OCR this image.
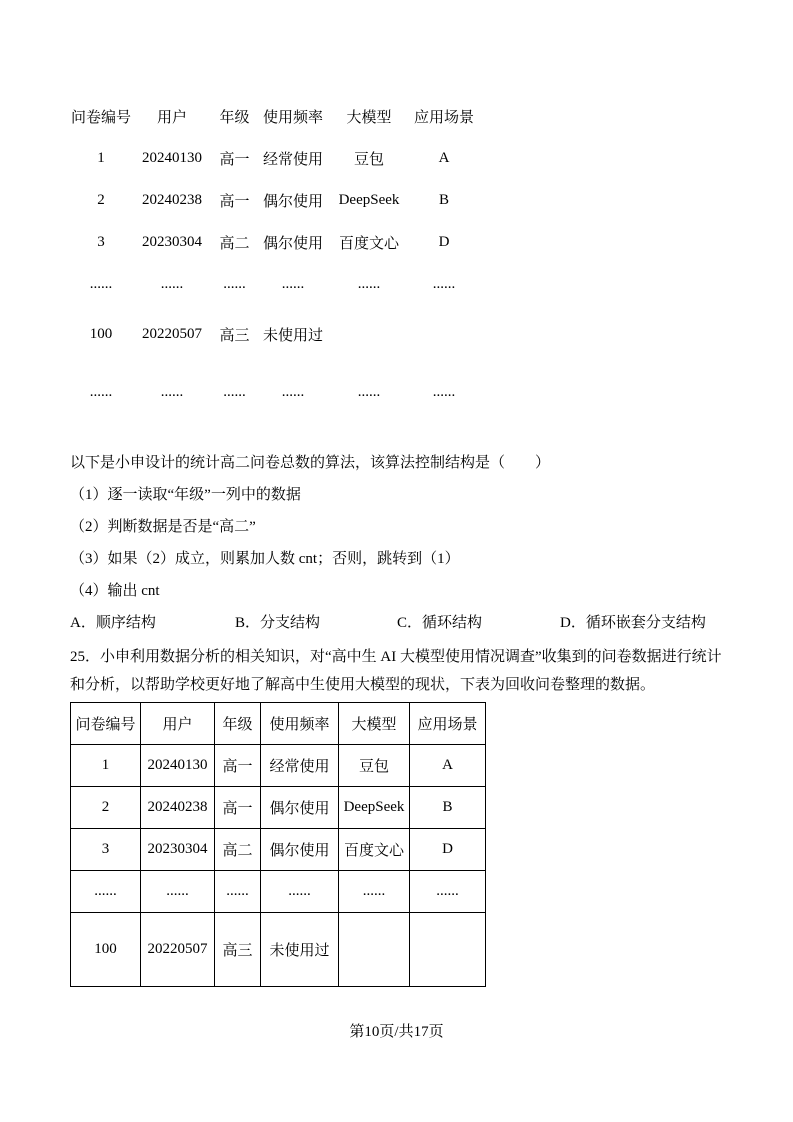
问卷编号	用户	年级	使用频率	大模型	应用场景
1	20240130	高一	经常使用	豆包	A
2	20240238	高一	偶尔使用	DeepSeek	B
3	20230304	高二	偶尔使用	百度文心	D
......	......	......	......	......	......
100	20220507	高三	未使用过		
......	......	......	......	......	......
以下是小申设计的统计高二问卷总数的算法，该算法控制结构是（　　）
（1）逐一读取“年级”一列中的数据
（2）判断数据是否是“高二”
（3）如果（2）成立，则累加人数 cnt；否则，跳转到（1）
（4）输出 cnt
A．顺序结构	B．分支结构	C．循环结构	D．循环嵌套分支结构
25．小申利用数据分析的相关知识，对“高中生 AI 大模型使用情况调查”收集到的问卷数据进行统计和分析，以帮助学校更好地了解高中生使用大模型的现状，下表为回收问卷整理的数据。
问卷编号	用户	年级	使用频率	大模型	应用场景
1	20240130	高一	经常使用	豆包	A
2	20240238	高一	偶尔使用	DeepSeek	B
3	20230304	高二	偶尔使用	百度文心	D
......	......	......	......	......	......
100	20220507	高三	未使用过		
第10页/共17页
